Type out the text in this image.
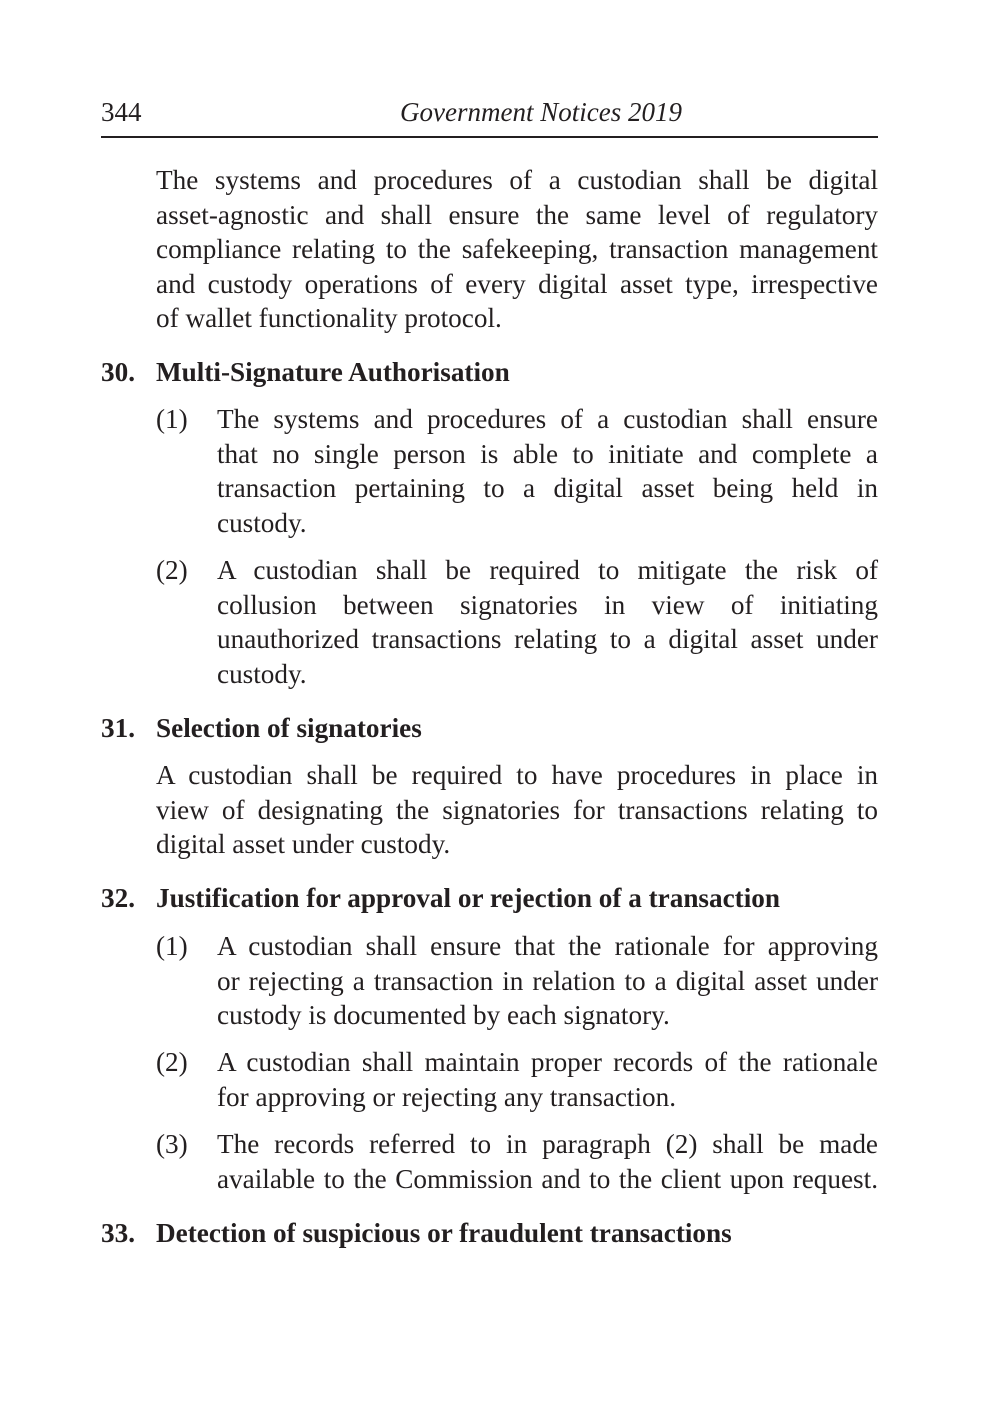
344	Government Notices 2019
The systems and procedures of a custodian shall be digital
asset-agnostic and shall ensure the same level of regulatory
compliance relating to the safekeeping, transaction management
and custody operations of every digital asset type, irrespective
of wallet functionality protocol.
30. Multi-Signature Authorisation
(1) The systems and procedures of a custodian shall ensure
that no single person is able to initiate and complete a
transaction pertaining to a digital asset being held in
custody.
(2) A custodian shall be required to mitigate the risk of
collusion between signatories in view of initiating
unauthorized transactions relating to a digital asset under
custody.
31. Selection of signatories
A custodian shall be required to have procedures in place in
view of designating the signatories for transactions relating to
digital asset under custody.
32. Justification for approval or rejection of a transaction
(1) A custodian shall ensure that the rationale for approving
or rejecting a transaction in relation to a digital asset under
custody is documented by each signatory.
(2) A custodian shall maintain proper records of the rationale
for approving or rejecting any transaction.
(3) The records referred to in paragraph (2) shall be made
available to the Commission and to the client upon request.
33. Detection of suspicious or fraudulent transactions
